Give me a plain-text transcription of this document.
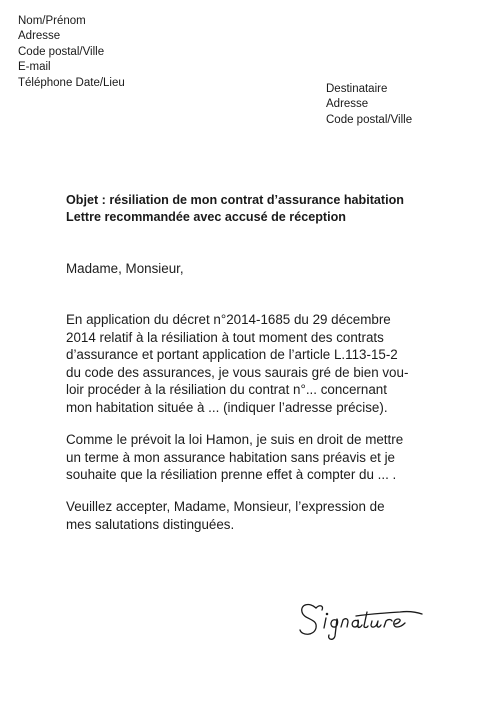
Nom/Prénom
Adresse
Code postal/Ville
E-mail
Téléphone Date/Lieu
Destinataire
Adresse
Code postal/Ville
Objet : résiliation de mon contrat d’assurance habitation
Lettre recommandée avec accusé de réception
Madame, Monsieur,
En application du décret n°2014-1685 du 29 décembre
2014 relatif à la résiliation à tout moment des contrats
d’assurance et portant application de l’article L.113-15-2
du code des assurances, je vous saurais gré de bien vou-
loir procéder à la résiliation du contrat n°... concernant
mon habitation située à ... (indiquer l’adresse précise).
Comme le prévoit la loi Hamon, je suis en droit de mettre
un terme à mon assurance habitation sans préavis et je
souhaite que la résiliation prenne effet à compter du ... .
Veuillez accepter, Madame, Monsieur, l’expression de
mes salutations distinguées.
